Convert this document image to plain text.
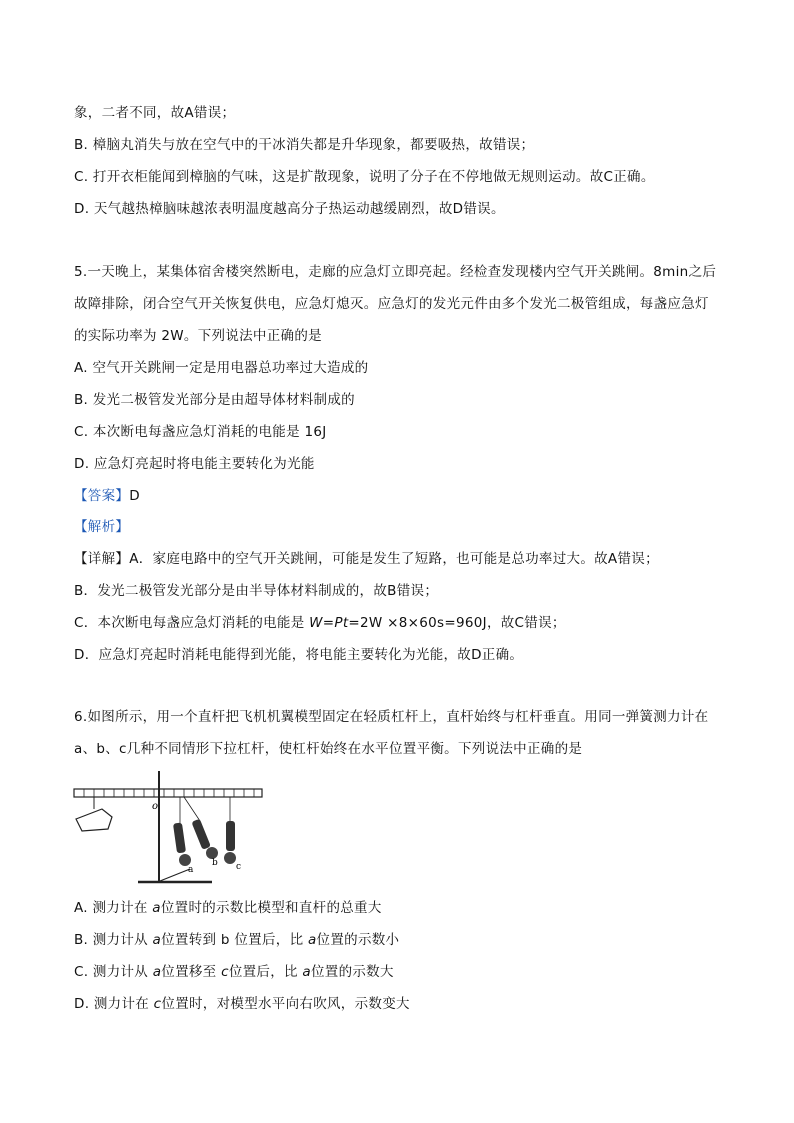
象，二者不同，故A错误；
B. 樟脑丸消失与放在空气中的干冰消失都是升华现象，都要吸热，故错误；
C. 打开衣柜能闻到樟脑的气味，这是扩散现象，说明了分子在不停地做无规则运动。故C正确。
D. 天气越热樟脑味越浓表明温度越高分子热运动越缓剧烈，故D错误。
5.一天晚上，某集体宿舍楼突然断电，走廊的应急灯立即亮起。经检查发现楼内空气开关跳闸。8min之后
故障排除，闭合空气开关恢复供电，应急灯熄灭。应急灯的发光元件由多个发光二极管组成，每盏应急灯
的实际功率为 2W。下列说法中正确的是
A. 空气开关跳闸一定是用电器总功率过大造成的
B. 发光二极管发光部分是由超导体材料制成的
C. 本次断电每盏应急灯消耗的电能是 16J
D. 应急灯亮起时将电能主要转化为光能
【答案】D
【解析】
【详解】A．家庭电路中的空气开关跳闸，可能是发生了短路，也可能是总功率过大。故A错误；
B．发光二极管发光部分是由半导体材料制成的，故B错误；
C．本次断电每盏应急灯消耗的电能是 W=Pt=2W ×8×60s=960J，故C错误；
D．应急灯亮起时消耗电能得到光能，将电能主要转化为光能，故D正确。
6.如图所示，用一个直杆把飞机机翼模型固定在轻质杠杆上，直杆始终与杠杆垂直。用同一弹簧测力计在
a、b、c几种不同情形下拉杠杆，使杠杆始终在水平位置平衡。下列说法中正确的是
o
a
b c
A. 测力计在 a位置时的示数比模型和直杆的总重大
B. 测力计从 a位置转到 b 位置后，比 a位置的示数小
C. 测力计从 a位置移至 c位置后，比 a位置的示数大
D. 测力计在 c位置时，对模型水平向右吹风，示数变大
